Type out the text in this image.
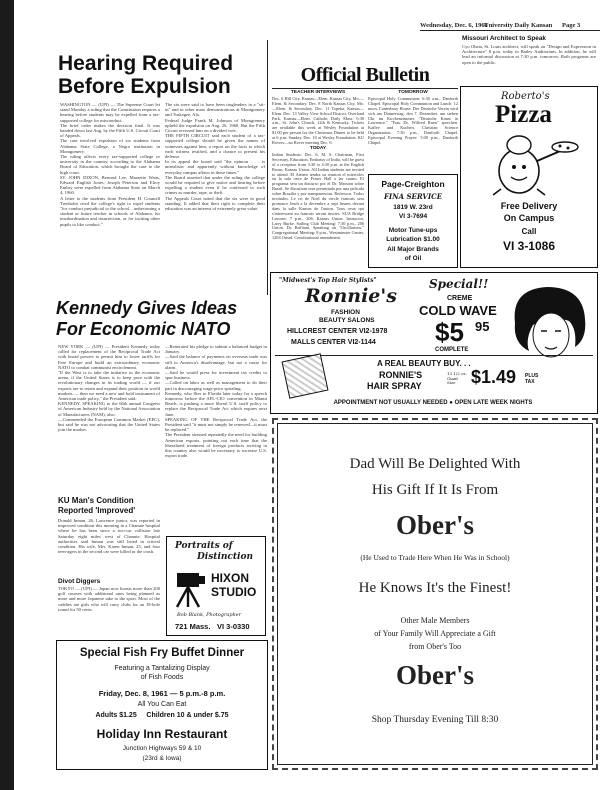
Wednesday, Dec. 6, 1961
University Daily Kansan Page 3
Hearing Required Before Expulsion

WASHINGTON — (UPI) — The Supreme Court let stand Monday a ruling that the Constitution requires a hearing before students may be expelled from a tax-supported college for misconduct.

The brief order makes the decision final. It was handed down last Aug. by the Fifth U.S. Circuit Court of Appeals.

The case involved expulsion of six students from Alabama State College, a Negro institution in Montgomery.

The ruling affects every tax-supported college or university in the country, according to the Alabama Board of Education, which brought the case to the high court.

ST. JOHN DIXON, Bernard Lee, Marzette Watts, Edward English Jones, Joseph Peterson and Elroy Embry were expelled from Alabama State on March 4, 1960.

A letter to the students from President H. Councill Trenholm cited the college's right to expel students "for conduct prejudicial to the school... unbecoming a student or future teacher in schools of Alabama, for insubordination and insurrection, or for inciting other pupils to like conduct."

The six were said to have been ringleaders in a "sit-in" and in other mass demonstrations at Montgomery and Tuskegee, Ala.

Federal Judge Frank M. Johnson of Montgomery upheld the expulsion on Aug. 26, 1960. But the Fifth Circuit reversed him on a divided vote.

THE FIFTH CIRCUIT said each student of a tax-supported college should be given the names of witnesses against him, a report on the facts to which each witness testified, and a chance to present his defense.

In its appeal the board said "the opinion . . . is unrealistic and apparently without knowledge of everyday campus affairs in these times."

The Board asserted that under the ruling the college would be required to give notice and hearing before expelling a student even if he confessed to such crimes as murder, rape, or theft.

The Appeals Court noted that the six were in good standing. It added that their right to complete their education was an interest of extremely great value.

Official Bulletin
TEACHER INTERVIEWS

Dec. 6 Hill City, Kansas—Elem. Kansas City, Mo.—Elem. & Secondary. Dec. 8 North Kansas City, Mo.—Elem. & Secondary. Dec. 11 Topeka, Kansas—Elem. Dec. 13 Valley View School District, Overland Park, Kansas—Elem. Catholic Daily Mass: 6:30 a.m., St. John's Church, 12th & Kentucky. Tickets are available this week at Wesley Foundation at $1.00 per person for the Christmas Dinner to be held at 6 p.m. Sunday, Dec. 10 at Wesley Foundation. KU Rovers—no Rover meeting Dec. 6.

TODAY

Indian Students: Dec. 6, M. S. Chairman, First Secretary, Education, Embassy of India, will be guest of a reception from 3:30 to 4:30 p.m. at the English Room, Kansas Union. All Indian students are invited to attend. El Ateneo tendra su reunion el miercoles en la sala once de Fraser Hall a las cuatro. El programa sera un discurso por el Dr. Marston sobre Brazil. Se discutiran sera presentado por una pelicula sobre Brazilia y por transparencias. Refrescos. Todos invitados. Le cri de Noel du cercle francais sera prononce Jeudi a la decembre a sept heures devant dans la salle Kansas de l'union. Tous ceux qui s'interessent au francais seront invites. SUA Bridge Lessons: 7 p.m., 206, Kansas Union. Instructor, Larry Burke. Sailing Club Meeting: 7:30 p.m., 206 Union. Dr. Brilliant, Speaking on "Oscillations." Congregational Meeting: 8 p.m., Westminster Center, 1204 Oread. Constitutional amendment.

TOMORROW

Episcopal Holy Communion: 6:30 a.m., Danforth Chapel. Episcopal Holy Communion and Lunch: 12 noon, Canterbury House. Der Deutsche Verein wird sich am Donnerstag, den 7. Dezember, um sieben Uhr im Kirchenzimmer, "Deutsche Kunst in Lawrence." "Frau Dr. Wilfred Ruen" sprechen. Kaffee und Kuchen. Christian Science Organization: 7:30 p.m., Danforth Chapel. Episcopal Evening Prayer: 5:00 p.m., Danforth Chapel.

Missouri Architect to Speak
Cyo Obata, St. Louis architect, will speak on "Design and Expression in Architecture" 8 p.m. today in Bailey Auditorium. In addition, he will lead an informal discussion at 7:30 p.m. tomorrow. Both programs are open to the public.
Roberto's
Pizza
Free Delivery
On Campus
Call
VI 3-1086
Page-Creighton
FINA SERVICE
1819 W. 23rd
VI 3-7694
Motor Tune-ups
Lubrication $1.00
All Major Brands
of Oil
"Midwest's Top Hair Stylists"
Ronnie's
FASHION
BEAUTY SALONS
HILLCREST CENTER VI2-1978
MALLS CENTER VI2-1144
Special!!
CREME
COLD WAVE
$5 95
COMPLETE
A REAL BEAUTY BUY. . .
RONNIE'S
HAIR SPRAY
13 1/2 oz. Giant Size $1.49 PLUS TAX
APPOINTMENT NOT USUALLY NEEDED ● OPEN LATE WEEK NIGHTS
Kennedy Gives Ideas For Economic NATO

NEW YORK — (UPI) — President Kennedy today called for replacement of the Reciprocal Trade Act with broad powers to permit him to lower tariffs for Free Europe and build an extraordinary economic NATO to combat communist encirclement.

"If the West is to take the initiative in the economic arena, if the United States is to keep pace with the revolutionary changes in its trading world — if our exports are to retain and expand their position in world markets — then we need a new and bold instrument of American trade policy," the President said.

KENNEDY, SPEAKING to the 66th annual Congress of American Industry held by the National Association of Manufacturers (NAM), also:

—Commended the European Common Market (EEC), but said he was not advocating that the United States join the market.

—Reiterated his pledge to submit a balanced budget in January.

—Said the balance of payments on overseas trade was still to America's disadvantage, but not a cause for alarm.

—Said he would press for investment tax credits to spur business.

—Called on labor as well as management to do their part in discouraging wage-price spiraling.

Kennedy, who flies to Florida later today for a speech tomorrow before the AFL-CIO convention in Miami Beach, is pushing a more liberal U.S. tariff policy to replace the Reciprocal Trade Act which expires next June.

SPEAKING OF THE Reciprocal Trade Act, the President said "it must not simply be renewed—it must be replaced."

The President stressed repeatedly the need for building American exports, pointing out each time that the liberalized treatment of foreign products arriving in this country also would be necessary to increase U.S. export trade.

KU Man's Condition Reported 'Improved'
Donald Inman, 26, Lawrence junior, was reported in improved condition this morning in a Chanute hospital where he has been since a two-car collision late Saturday eight miles west of Chanute. Hospital authorities said Inman was still listed in critical condition. His wife, Mrs. Karen Inman, 25, and four teen-agers in the second car were killed in the crash.
Divot Diggers
TOKYO — (UPI) — Japan now boasts more than 200 golf courses with additional ones being planned as more and more Japanese take to the sport. Most of the caddies are girls who will carry clubs for an 18-hole round for 50 cents.
Portraits of
Distinction
HIXON
STUDIO
Bob Blank, Photographer
721 Mass. VI 3-0330
Special Fish Fry Buffet Dinner
Featuring a Tantalizing Display
of Fish Foods
Friday, Dec. 8, 1961 — 5 p.m.-8 p.m.
All You Can Eat
Adults $1.25     Children 10 & under $.75
Holiday Inn Restaurant
Junction Highways 59 & 10
(23rd & Iowa)
Dad Will Be Delighted With
His Gift If It Is From
Ober's
(He Used to Trade Here When He Was in School)
He Knows It's the Finest!
Other Male Members
of Your Family Will Appreciate a Gift
from Ober's Too
Ober's
Shop Thursday Evening Till 8:30
